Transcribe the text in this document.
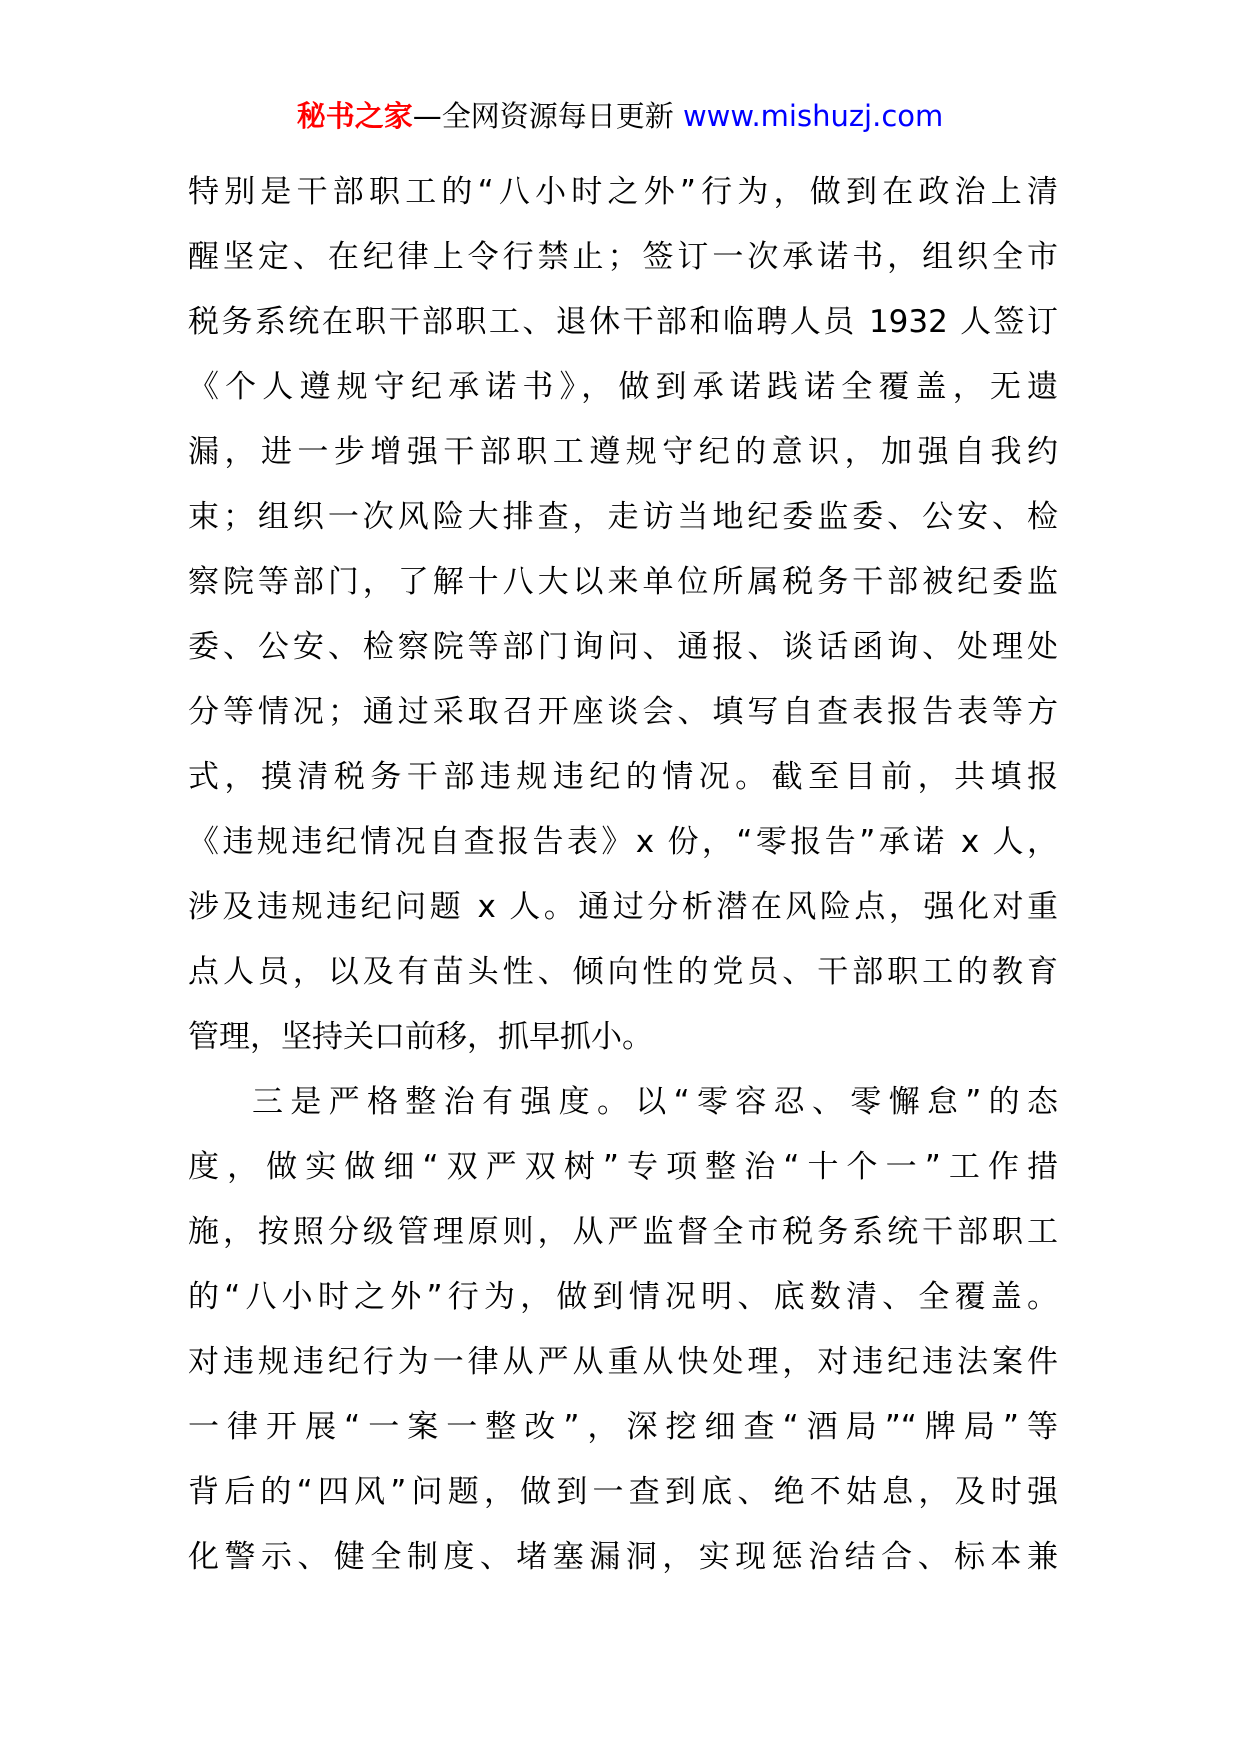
秘书之家—全网资源每日更新 www.mishuzj.com
特别是干部职工的“八小时之外”行为，做到在政治上清
醒坚定、在纪律上令行禁止；签订一次承诺书，组织全市
税务系统在职干部职工、退休干部和临聘人员 1932 人签订
《个人遵规守纪承诺书》，做到承诺践诺全覆盖，无遗
漏，进一步增强干部职工遵规守纪的意识，加强自我约
束；组织一次风险大排查，走访当地纪委监委、公安、检
察院等部门，了解十八大以来单位所属税务干部被纪委监
委、公安、检察院等部门询问、通报、谈话函询、处理处
分等情况；通过采取召开座谈会、填写自查表报告表等方
式，摸清税务干部违规违纪的情况。截至目前，共填报
《违规违纪情况自查报告表》x 份，“零报告”承诺 x 人，
涉及违规违纪问题 x 人。通过分析潜在风险点，强化对重
点人员，以及有苗头性、倾向性的党员、干部职工的教育
管理，坚持关口前移，抓早抓小。
三是严格整治有强度。以“零容忍、零懈怠”的态
度，做实做细“双严双树”专项整治“十个一”工作措
施，按照分级管理原则，从严监督全市税务系统干部职工
的“八小时之外”行为，做到情况明、底数清、全覆盖。
对违规违纪行为一律从严从重从快处理，对违纪违法案件
一律开展“一案一整改”，深挖细查“酒局”“牌局”等
背后的“四风”问题，做到一查到底、绝不姑息，及时强
化警示、健全制度、堵塞漏洞，实现惩治结合、标本兼
